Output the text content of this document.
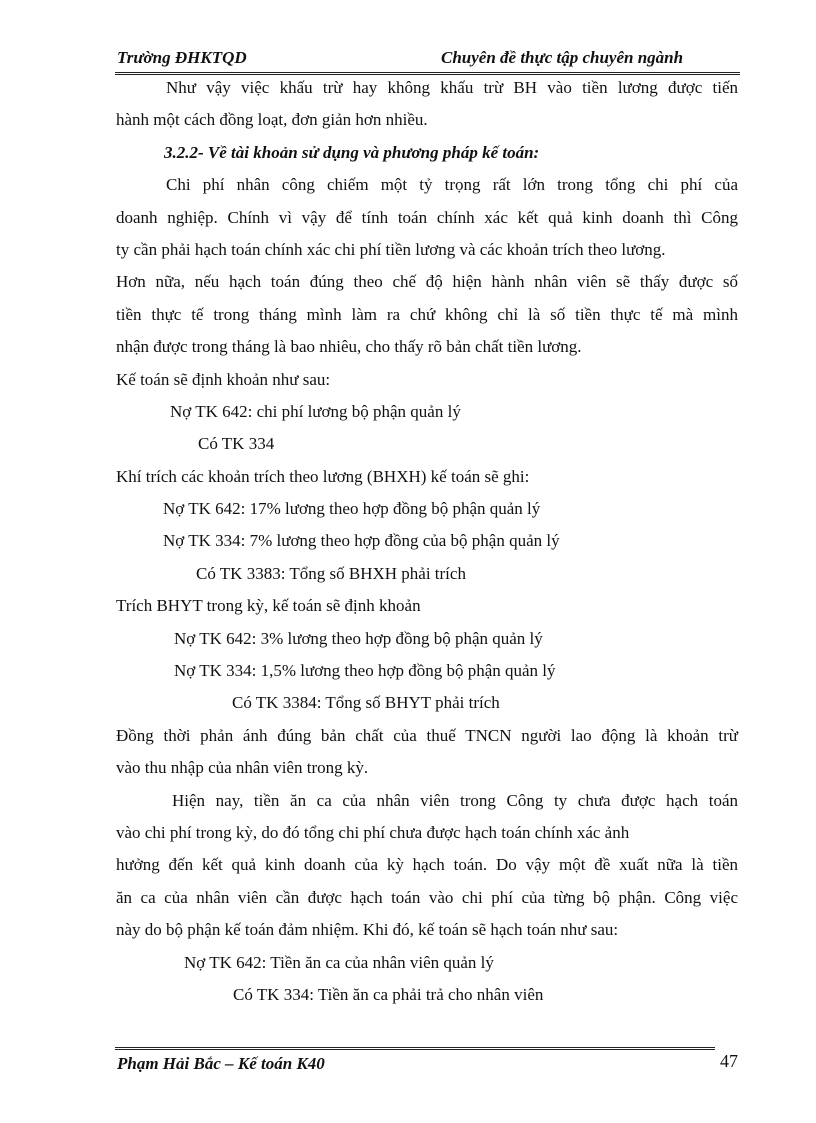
Trường ĐHKTQD	Chuyên đề thực tập chuyên ngành
Như vậy việc khấu trừ hay không khấu trừ BH vào tiền lương được tiến
hành một cách đồng loạt, đơn giản hơn nhiều.
3.2.2- Về tài khoản sử dụng và phương pháp kế toán:
Chi phí nhân công chiếm một tỷ trọng rất lớn trong tổng chi phí của
doanh nghiệp. Chính vì vậy để tính toán chính xác kết quả kinh doanh thì Công
ty cần phải hạch toán chính xác chi phí tiền lương và các khoản trích theo lương.
Hơn nữa, nếu hạch toán đúng theo chế độ hiện hành nhân viên sẽ thấy được số
tiền thực tế trong tháng mình làm ra chứ không chỉ là số tiền thực tế mà mình
nhận được trong tháng là bao nhiêu, cho thấy rõ bản chất tiền lương.
Kế toán sẽ định khoản như sau:
Nợ TK 642: chi phí lương bộ phận quản lý
Có TK 334
Khí trích các khoản trích theo lương (BHXH) kế toán sẽ ghi:
Nợ TK 642: 17% lương theo hợp đồng bộ phận quản lý
Nợ TK 334: 7% lương theo hợp đồng của bộ phận quản lý
Có TK 3383: Tổng số BHXH phải trích
Trích BHYT trong kỳ, kế toán sẽ định khoản
Nợ TK 642: 3% lương theo hợp đồng bộ phận quản lý
Nợ TK 334: 1,5% lương theo hợp đồng bộ phận quản lý
Có TK 3384: Tổng số BHYT phải trích
Đồng thời phản ánh đúng bản chất của thuế TNCN người lao động là khoản trừ
vào thu nhập của nhân viên trong kỳ.
Hiện nay, tiền ăn ca của nhân viên trong Công ty chưa được hạch toán
vào chi phí trong kỳ, do đó tổng chi phí chưa được hạch toán chính xác ảnh
hưởng đến kết quả kinh doanh của kỳ hạch toán. Do vậy một đề xuất nữa là tiền
ăn ca của nhân viên cần được hạch toán vào chi phí của từng bộ phận. Công việc
này do bộ phận kế toán đảm nhiệm. Khi đó, kế toán sẽ hạch toán như sau:
Nợ TK 642: Tiền ăn ca của nhân viên quản lý
Có TK 334: Tiền ăn ca phải trả cho nhân viên
Phạm Hải Bắc – Kế toán K40	47
